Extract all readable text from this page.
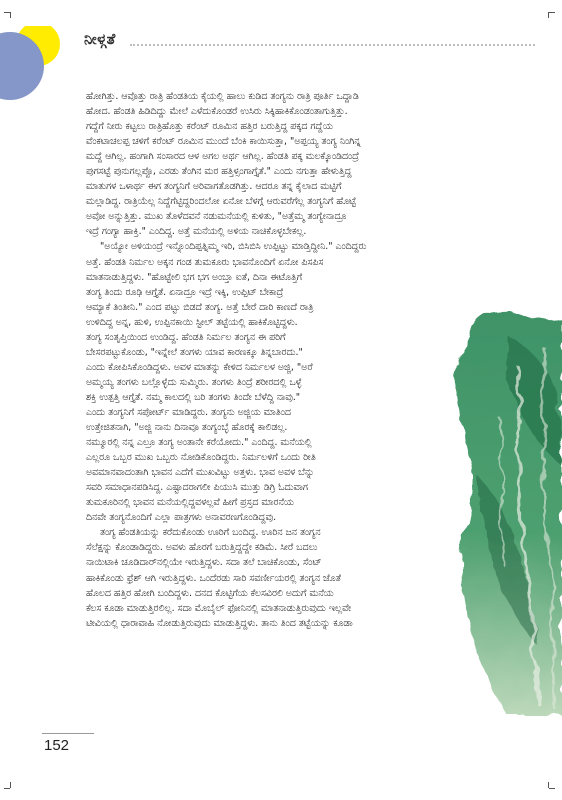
ನೀಳ್ಗತೆ
ಹೋಗಿತ್ತು. ಆವೊತ್ತು ರಾತ್ರಿ ಹೆಂಡತಿಯ ಕೈಯಲ್ಲಿ ಹಾಲು ಕುಡಿದ ತಂಗ್ಯನು ರಾತ್ರಿ ಪೂರ್ತಿ ಒದ್ದಾಡಿ
ಹೋದ. ಹೆಂಡತಿ ಹಿಡಿದಿದ್ದು ಮೇಲೆ ಎಳೆದುಕೊಂಡರೆ ಉಸಿರು ಸಿಕ್ಕಿಹಾಕಿಕೊಂಡಂತಾಗುತ್ತಿತ್ತು.
ಗದ್ದೆಗೆ ನೀರು ಕಟ್ಟಲು ರಾತ್ರಿಹೊತ್ತು ಕರೆಂಟ್ ರೂಮಿನ ಹತ್ತಿರ ಬರುತ್ತಿದ್ದ ಪಕ್ಕದ ಗದ್ದೆಯ
ವೆಂಕಟಾಚಲಪ್ಪ ಚಳಿಗೆ ಕರೆಂಟ್ ರೂಮಿನ ಮುಂದೆ ಬೆಂಕಿ ಕಾಯಿಸುತ್ತಾ, "ಅಪ್ಪಯ್ಯ ತಂಗ್ಯ ನಿಂಗಿನ್ನ
ಮದ್ದೆ ಆಗಿಲ್ಲ. ಹಂಗಾಗಿ ಸಂಸಾರದ ಆಳ ಅಗಲ ಅರ್ಥ ಆಗಿಲ್ಲ. ಹೆಂಡತಿ ಪಕ್ಕ ಮಲಕ್ಕೊಂಡಿದಂದ್ರೆ
ಪುಗಸಟ್ಟೆ ಪುನುಗಲ್ಲಪ್ಪೊ, ಎರಡು ತೆಂಗಿನ ಮರ ಹತ್ತಿಳ್ಸಂಗಾಗ್ತೈತೆ." ಎಂದು ನಗುತ್ತಾ ಹೇಳುತ್ತಿದ್ದ
ಮಾತುಗಳ ಒಳಾರ್ಥ ಈಗ ತಂಗ್ಯನಿಗೆ ಅರಿವಾಗತೊಡಗಿತ್ತು. ಆದರೂ ತನ್ನ ಕೈಲಾದ ಮಟ್ಟಿಗೆ
ಮಲ್ಲಾಡಿದ್ದ. ರಾತ್ರಿಯೆಲ್ಲ ನಿದ್ದೆಗೆಟ್ಟಿದ್ದರಿಂದಲೋ ಏನೋ ಬೆಳಗ್ಗೆ ಆರುವರೆಗೆಲ್ಲ ತಂಗ್ಯನಿಗೆ ಹೊಟ್ಟೆ
ಅವೋ ಅನ್ನುತ್ತಿತ್ತು. ಮುಖ ತೊಳೆದವನೆ ನಡುಮನೆಯಲ್ಲಿ ಕುಳಿತು, "ಅತ್ತೆಮ್ಮ ತಂಗ್ಯೇನಾದ್ರೂ
ಇದ್ರೆ ಗಂಗ್ಯಾ ಹಾಕ್ತಿ." ಎಂದಿದ್ದ. ಅತ್ತೆ ಮನೆಯಲ್ಲಿ ಅಳಿಯ ನಾಚಿಕೊಳ್ಳಬೇಕಲ್ಲ.
"ಅಯ್ಯೋ ಅಳಿಯಂದ್ರೆ ಇನ್ನೊಂದಿಪ್ಪತ್ನಿಮ್ಮ ಇರಿ, ಬಿಸಿಬಿಸಿ ಉಪ್ಪಿಟ್ಟು ಮಾಡ್ತಿದ್ದೀನಿ." ಎಂದಿದ್ದರು
ಅತ್ತೆ. ಹೆಂಡತಿ ನಿರ್ಮಲ ಅಕ್ಕನ ಗಂಡ ತುಮಕೂರು ಭಾವನೊಂದಿಗೆ ಏನೋ ಪಿಸಪಿಸ
ಮಾತನಾಡುತ್ತಿದ್ದಳು. "ಹೊಟ್ಟೇಲಿ ಭಗ ಭಗ ಅಂಬ್ತಾ ಐತೆ, ದಿನಾ ಈಟೊತ್ತಿಗೆ
ತಂಗ್ಯ ತಿಂದು ರೂಢಿ ಆಗ್ತೈತೆ. ಏನಾದ್ರೂ ಇದ್ರೆ ಇಕ್ಕಿ, ಉಪ್ಪಿಟ್ ಬೇಕಾದ್ರೆ
ಆಮ್ಯಾಕೆ ತಿಂತೀನಿ." ಎಂದ ಪಟ್ಟು ಬಿಡದೆ ತಂಗ್ಯ. ಅತ್ತೆ ಬೇರೆ ದಾರಿ ಕಾಣದೆ ರಾತ್ರಿ
ಉಳಿದಿದ್ದ ಅನ್ನ, ಹುಳಿ, ಉಪ್ಪಿನಕಾಯಿ ಸ್ಟೀಲ್ ತಟ್ಟೆಯಲ್ಲಿ ಹಾಕಿಕೊಟ್ಟಿದ್ದಳು.
ತಂಗ್ಯ ಸಂತೃಪ್ತಿಯಿಂದ ಉಂಡಿದ್ದ. ಹೆಂಡತಿ ನಿರ್ಮಲ ತಂಗ್ಯನ ಈ ಪರಿಗೆ
ಬೇಸರಪಟ್ಟುಕೊಂಡು, "ಇನ್ನೇಲೆ ತಂಗಳು ಯಾವ ಕಾರಣಕ್ಕೂ ತಿನ್ನಬಾರದು."
ಎಂದು ಕೋಪಿಸಿಕೊಂಡಿದ್ದಳು. ಅವಳ ಮಾತನ್ನು ಕೇಳಿದ ನಿರ್ಮಲಳ ಅಜ್ಜಿ, "ಅರೆ
ಅಮ್ಮಯ್ಯ ತಂಗಳು ಬಲ್ಲೊಳ್ಳೆದು ಸುಮ್ಮಿರು. ತಂಗಳು ತಿಂದ್ರೆ ಶರೀರದಲ್ಲಿ ಒಳ್ಳೆ
ಶಕ್ತಿ ಉತ್ಪತ್ತಿ ಆಗ್ತೈತೆ. ನಮ್ಮ ಕಾಲದಲ್ಲಿ ಬರಿ ತಂಗಳು ತಿಂದೇ ಬೆಳೆದ್ದಿ ನಾವು."
ಎಂದು ತಂಗ್ಯನಿಗೆ ಸಪೋರ್ಟ್ ಮಾಡಿದ್ದರು. ತಂಗ್ಯನು ಅಜ್ಜಿಯ ಮಾತಿಂದ
ಉತ್ತೇಜಿತನಾಗಿ, "ಅಜ್ಜಿ ನಾನು ದಿನಾವೂ ತಂಗ್ಯಂಬ್ಳೆ ಹೊರಕ್ಕೆ ಕಾಲಿಡಲ್ಲ.
ನಮ್ಮೂರಲ್ಲಿ ನನ್ನ ಎಲ್ರೂ ತಂಗ್ಯ ಅಂತಾನೇ ಕರೆಯೋದು." ಎಂದಿದ್ದ. ಮನೆಯಲ್ಲಿ
ಎಲ್ಲರೂ ಒಬ್ಬರ ಮುಖ ಒಬ್ಬರು ನೋಡಿಕೊಂಡಿದ್ದರು. ನಿರ್ಮಲಳಿಗೆ ಒಂದು ರೀತಿ
ಅವಮಾನವಾದಂತಾಗಿ ಭಾವನ ಎದೆಗೆ ಮುಖವಿಟ್ಟು ಅತ್ತಳು. ಭಾವ ಅವಳ ಬೆನ್ನು
ಸವರಿ ಸಮಾಧಾನಪಡಿಸಿದ್ದ. ಎಷ್ಟಾದರಾಗಲೀ ಪಿಯುಸಿ ಮುತ್ತು ಡಿಗ್ರಿ ಓದುವಾಗ
ತುಮಕೂರಿನಲ್ಲಿ ಭಾವನ ಮನೆಯಲ್ಲಿದ್ದವಳಲ್ಲವೆ ಹೀಗೆ ಪ್ರಸ್ತದ ಮಾರನೆಯ
ದಿನವೇ ತಂಗ್ಯನೊಂದಿಗೆ ಎಲ್ಲಾ ಪಾತ್ರಗಳು ಅನಾವರಣಗೊಂಡಿದ್ದವು.
ತಂಗ್ಯ ಹೆಂಡತಿಯನ್ನು ಕರೆದುಕೊಂಡು ಊರಿಗೆ ಬಂದಿದ್ದ. ಊರಿನ ಜನ ತಂಗ್ಯನ
ಸೆಲೆಕ್ಷನ್ನು ಕೊಂಡಾಡಿದ್ದರು. ಅವಳು ಹೊರಗೆ ಬರುತ್ತಿದ್ದದ್ದೇ ಕಡಿಮೆ. ಸೀರೆ ಬದಲು
ನಾಯಿಟಾಕಿ ಚೂಡಿದಾರ್‌ನಲ್ಲಿಯೇ ಇರುತ್ತಿದ್ದಳು. ಸದಾ ತಲೆ ಬಾಚಿಕೊಂಡು, ಸೆಂಟ್
ಹಾಕಿಕೊಂಡು ಫ್ರೆಶ್ ಆಗಿ ಇರುತ್ತಿದ್ದಳು. ಒಂದೆರಡು ಸಾರಿ ಸವರ್ಣೀಯರಲ್ಲಿ ತಂಗ್ಯನ ಜೊತೆ
ಹೊಲದ ಹತ್ತಿರ ಹೋಗಿ ಬಂದಿದ್ದಳು. ದನದ ಕೊಟ್ಟಿಗೆಯ ಕೆಲಸವಿರಲಿ ಅದುಗೆ ಮನೆಯ
ಕೆಲಸ ಕೂಡಾ ಮಾಡುತ್ತಿರಲಿಲ್ಲ. ಸದಾ ಮೊಬೈಲ್ ಫೋನಿನಲ್ಲಿ ಮಾತನಾಡುತ್ತಿರುವುದು ಇಲ್ಲವೇ
ಟೀವಿಯಲ್ಲಿ ಧಾರಾವಾಹಿ ನೋಡುತ್ತಿರುವುದು ಮಾಡುತ್ತಿದ್ದಳು. ತಾನು ತಿಂದ ತಟ್ಟೆಯನ್ನು ಕೂಡಾ
152
